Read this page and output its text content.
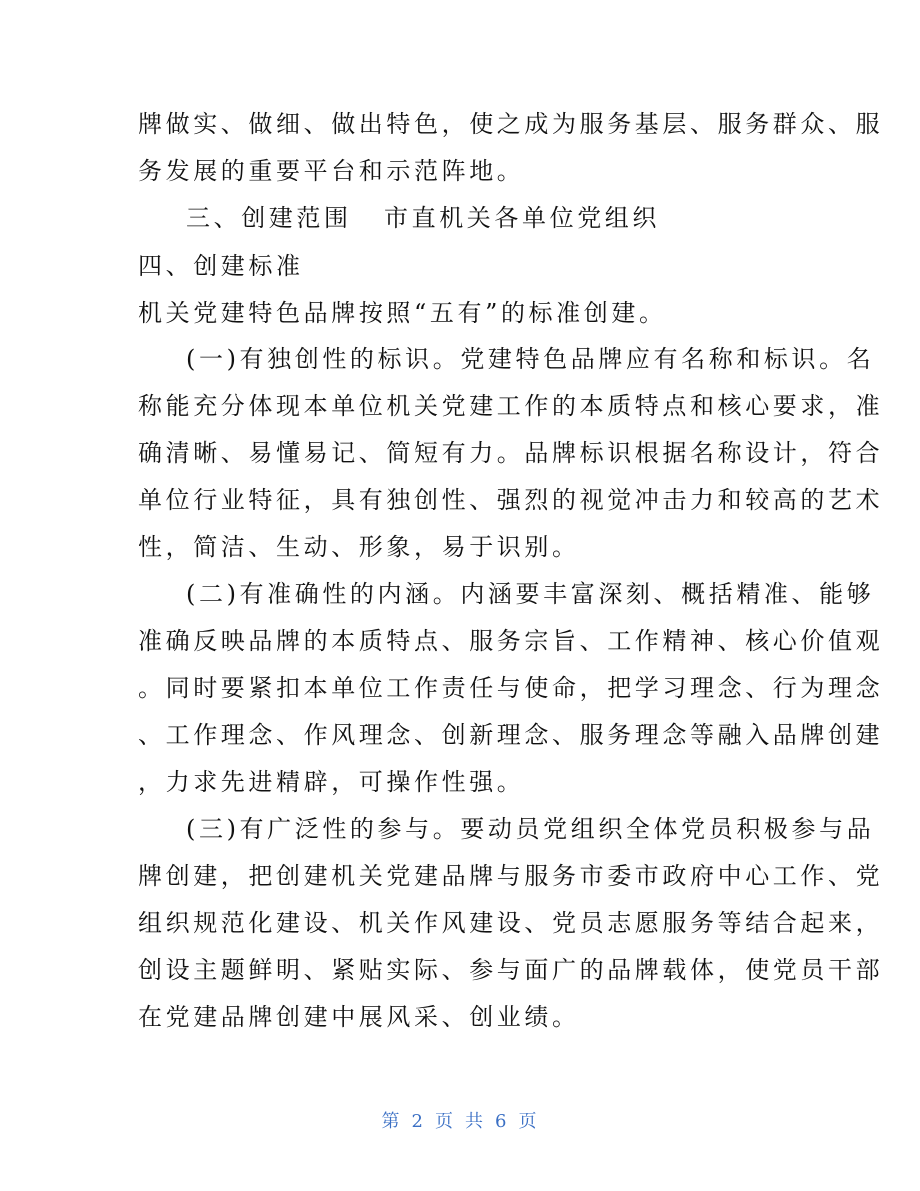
牌做实、做细、做出特色，使之成为服务基层、服务群众、服
务发展的重要平台和示范阵地。
三、创建范围 市直机关各单位党组织
四、创建标准
机关党建特色品牌按照“五有”的标准创建。
(一)有独创性的标识。党建特色品牌应有名称和标识。名
称能充分体现本单位机关党建工作的本质特点和核心要求，准
确清晰、易懂易记、简短有力。品牌标识根据名称设计，符合
单位行业特征，具有独创性、强烈的视觉冲击力和较高的艺术
性，简洁、生动、形象，易于识别。
(二)有准确性的内涵。内涵要丰富深刻、概括精准、能够
准确反映品牌的本质特点、服务宗旨、工作精神、核心价值观
。同时要紧扣本单位工作责任与使命，把学习理念、行为理念
、工作理念、作风理念、创新理念、服务理念等融入品牌创建
，力求先进精辟，可操作性强。
(三)有广泛性的参与。要动员党组织全体党员积极参与品
牌创建，把创建机关党建品牌与服务市委市政府中心工作、党
组织规范化建设、机关作风建设、党员志愿服务等结合起来，
创设主题鲜明、紧贴实际、参与面广的品牌载体，使党员干部
在党建品牌创建中展风采、创业绩。
第 2 页 共 6 页
